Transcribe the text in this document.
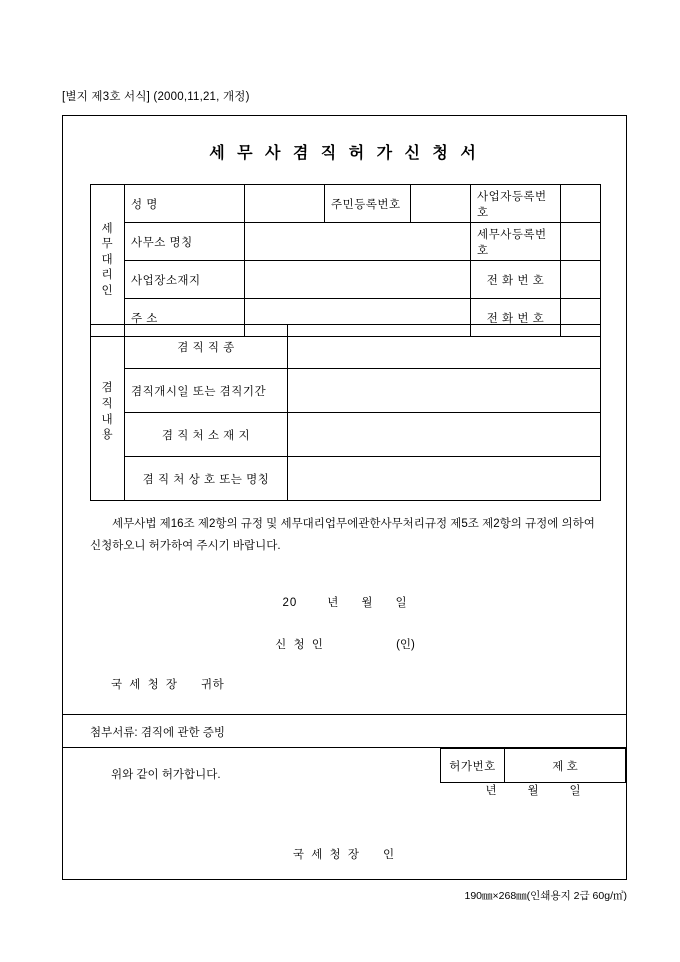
[별지 제3호 서식] (2000,11,21, 개정)
세 무 사 겸 직 허 가 신 청 서
세무대리인	성 명		주민등록번호		사업자등록번호	
	사무소 명칭				세무사등록번호	
	사업장소재지				전 화 번 호	
	주 소				전 화 번 호	
겸직내용	겸 직 직 종	
	겸직개시일 또는 겸직기간	
	겸 직 처 소 재 지	
	겸 직 처 상 호 또는 명칭	

세무사법 제16조 제2항의 규정 및 세무대리업무에관한사무처리규정 제5조 제2항의 규정에 의하여 신청하오니 허가하여 주시기 바랍니다.

20	년 월 일
신 청 인	(인)
국 세 청 장 귀하
첨부서류: 겸직에 관한 증빙
위와 같이 허가합니다.
허가번호	제 호
년	월	일
국 세 청 장 인
190㎜×268㎜(인쇄용지 2급 60g/㎡)
